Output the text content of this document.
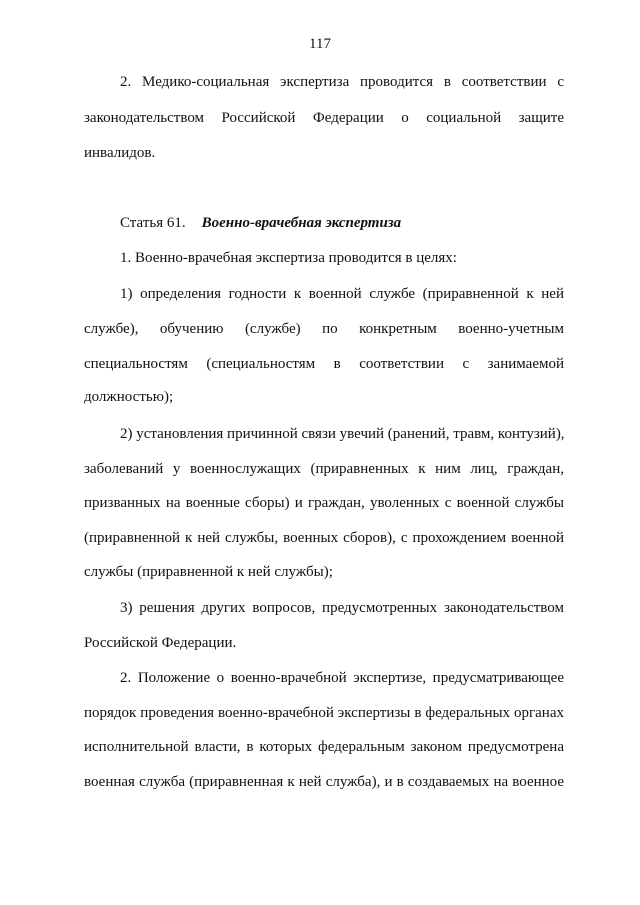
117
2. Медико-социальная экспертиза проводится в соответствии с
законодательством Российской Федерации о социальной защите
инвалидов.
Статья 61. Военно-врачебная экспертиза
1. Военно-врачебная экспертиза проводится в целях:
1) определения годности к военной службе (приравненной к ней
службе), обучению (службе) по конкретным военно-учетным
специальностям (специальностям в соответствии с занимаемой
должностью);
2) установления причинной связи увечий (ранений, травм, контузий),
заболеваний у военнослужащих (приравненных к ним лиц, граждан,
призванных на военные сборы) и граждан, уволенных с военной службы
(приравненной к ней службы, военных сборов), с прохождением военной
службы (приравненной к ней службы);
3) решения других вопросов, предусмотренных законодательством
Российской Федерации.
2. Положение о военно-врачебной экспертизе, предусматривающее
порядок проведения военно-врачебной экспертизы в федеральных органах
исполнительной власти, в которых федеральным законом предусмотрена
военная служба (приравненная к ней служба), и в создаваемых на военное
